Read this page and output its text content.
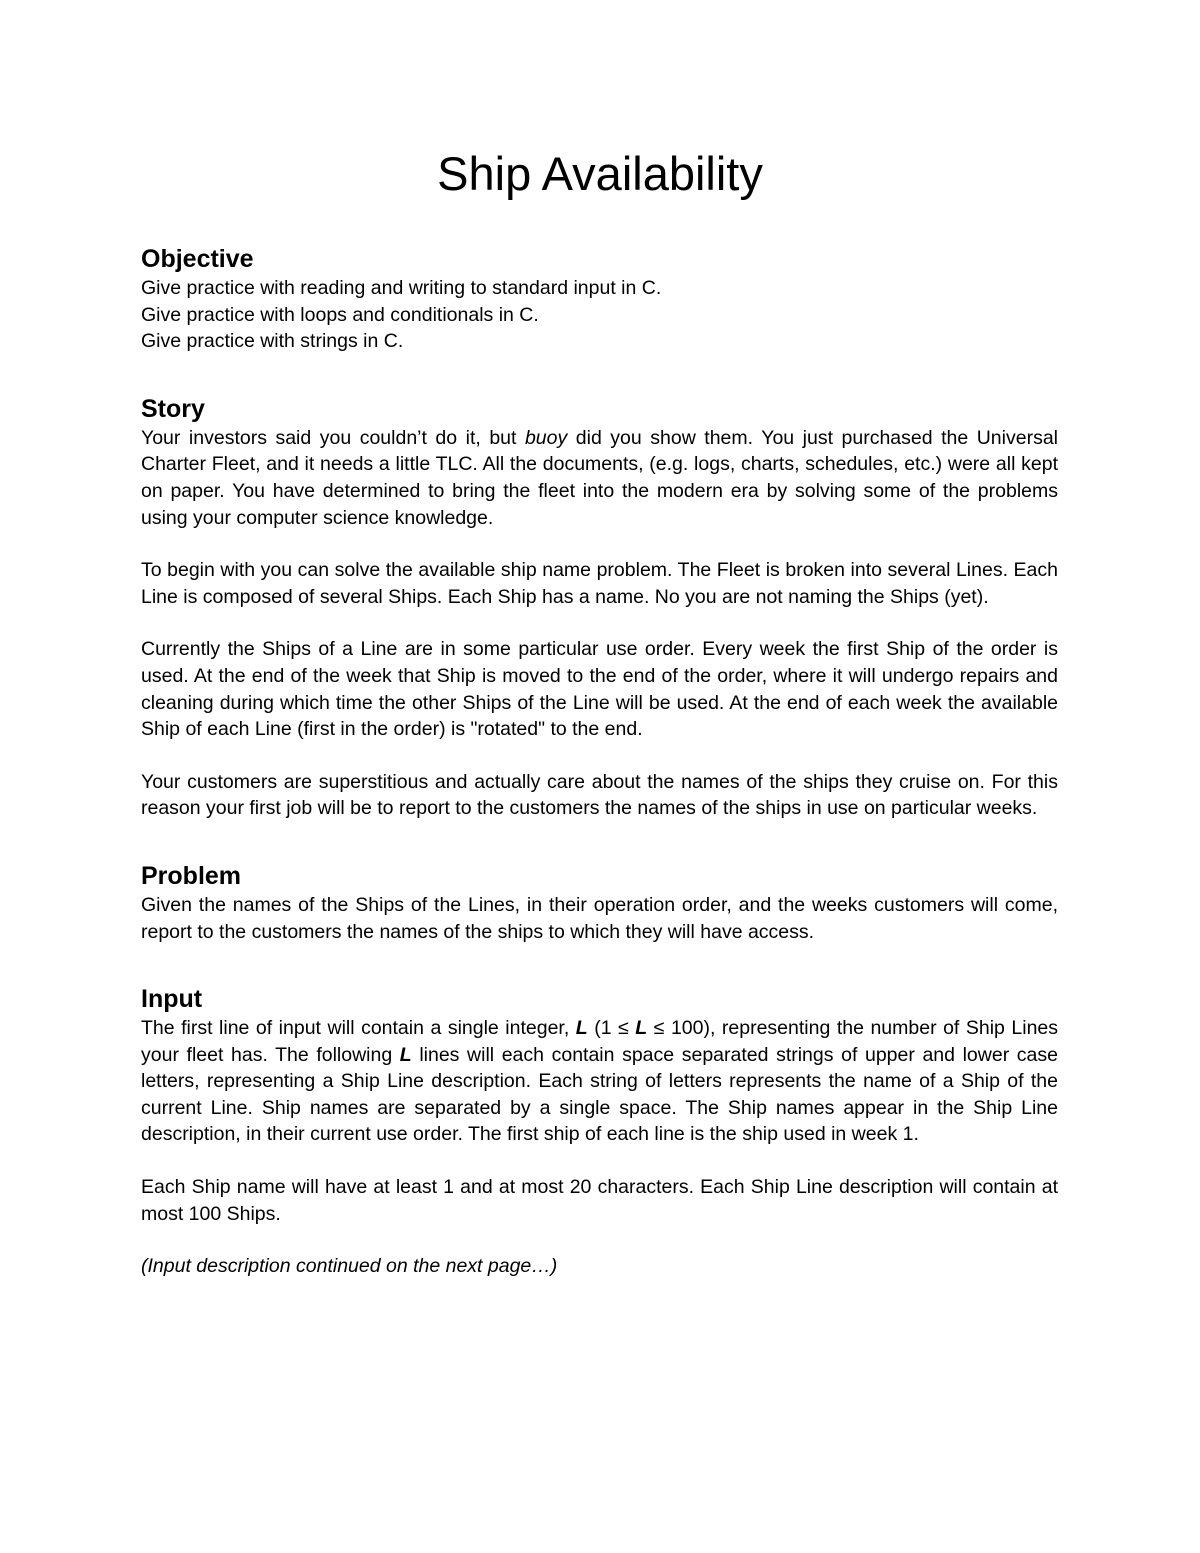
Ship Availability
Objective
Give practice with reading and writing to standard input in C.
Give practice with loops and conditionals in C.
Give practice with strings in C.
Story

Your investors said you couldn’t do it, but buoy did you show them. You just purchased the Universal Charter Fleet, and it needs a little TLC. All the documents, (e.g. logs, charts, schedules, etc.) were all kept on paper. You have determined to bring the fleet into the modern era by solving some of the problems using your computer science knowledge.

To begin with you can solve the available ship name problem. The Fleet is broken into several Lines. Each Line is composed of several Ships. Each Ship has a name. No you are not naming the Ships (yet).

Currently the Ships of a Line are in some particular use order. Every week the first Ship of the order is used. At the end of the week that Ship is moved to the end of the order, where it will undergo repairs and cleaning during which time the other Ships of the Line will be used. At the end of each week the available Ship of each Line (first in the order) is "rotated" to the end.

Your customers are superstitious and actually care about the names of the ships they cruise on. For this reason your first job will be to report to the customers the names of the ships in use on particular weeks.

Problem

Given the names of the Ships of the Lines, in their operation order, and the weeks customers will come, report to the customers the names of the ships to which they will have access.

Input

The first line of input will contain a single integer, L (1 ≤ L ≤ 100), representing the number of Ship Lines your fleet has. The following L lines will each contain space separated strings of upper and lower case letters, representing a Ship Line description. Each string of letters represents the name of a Ship of the current Line. Ship names are separated by a single space. The Ship names appear in the Ship Line description, in their current use order. The first ship of each line is the ship used in week 1.

Each Ship name will have at least 1 and at most 20 characters. Each Ship Line description will contain at most 100 Ships.

(Input description continued on the next page…)
